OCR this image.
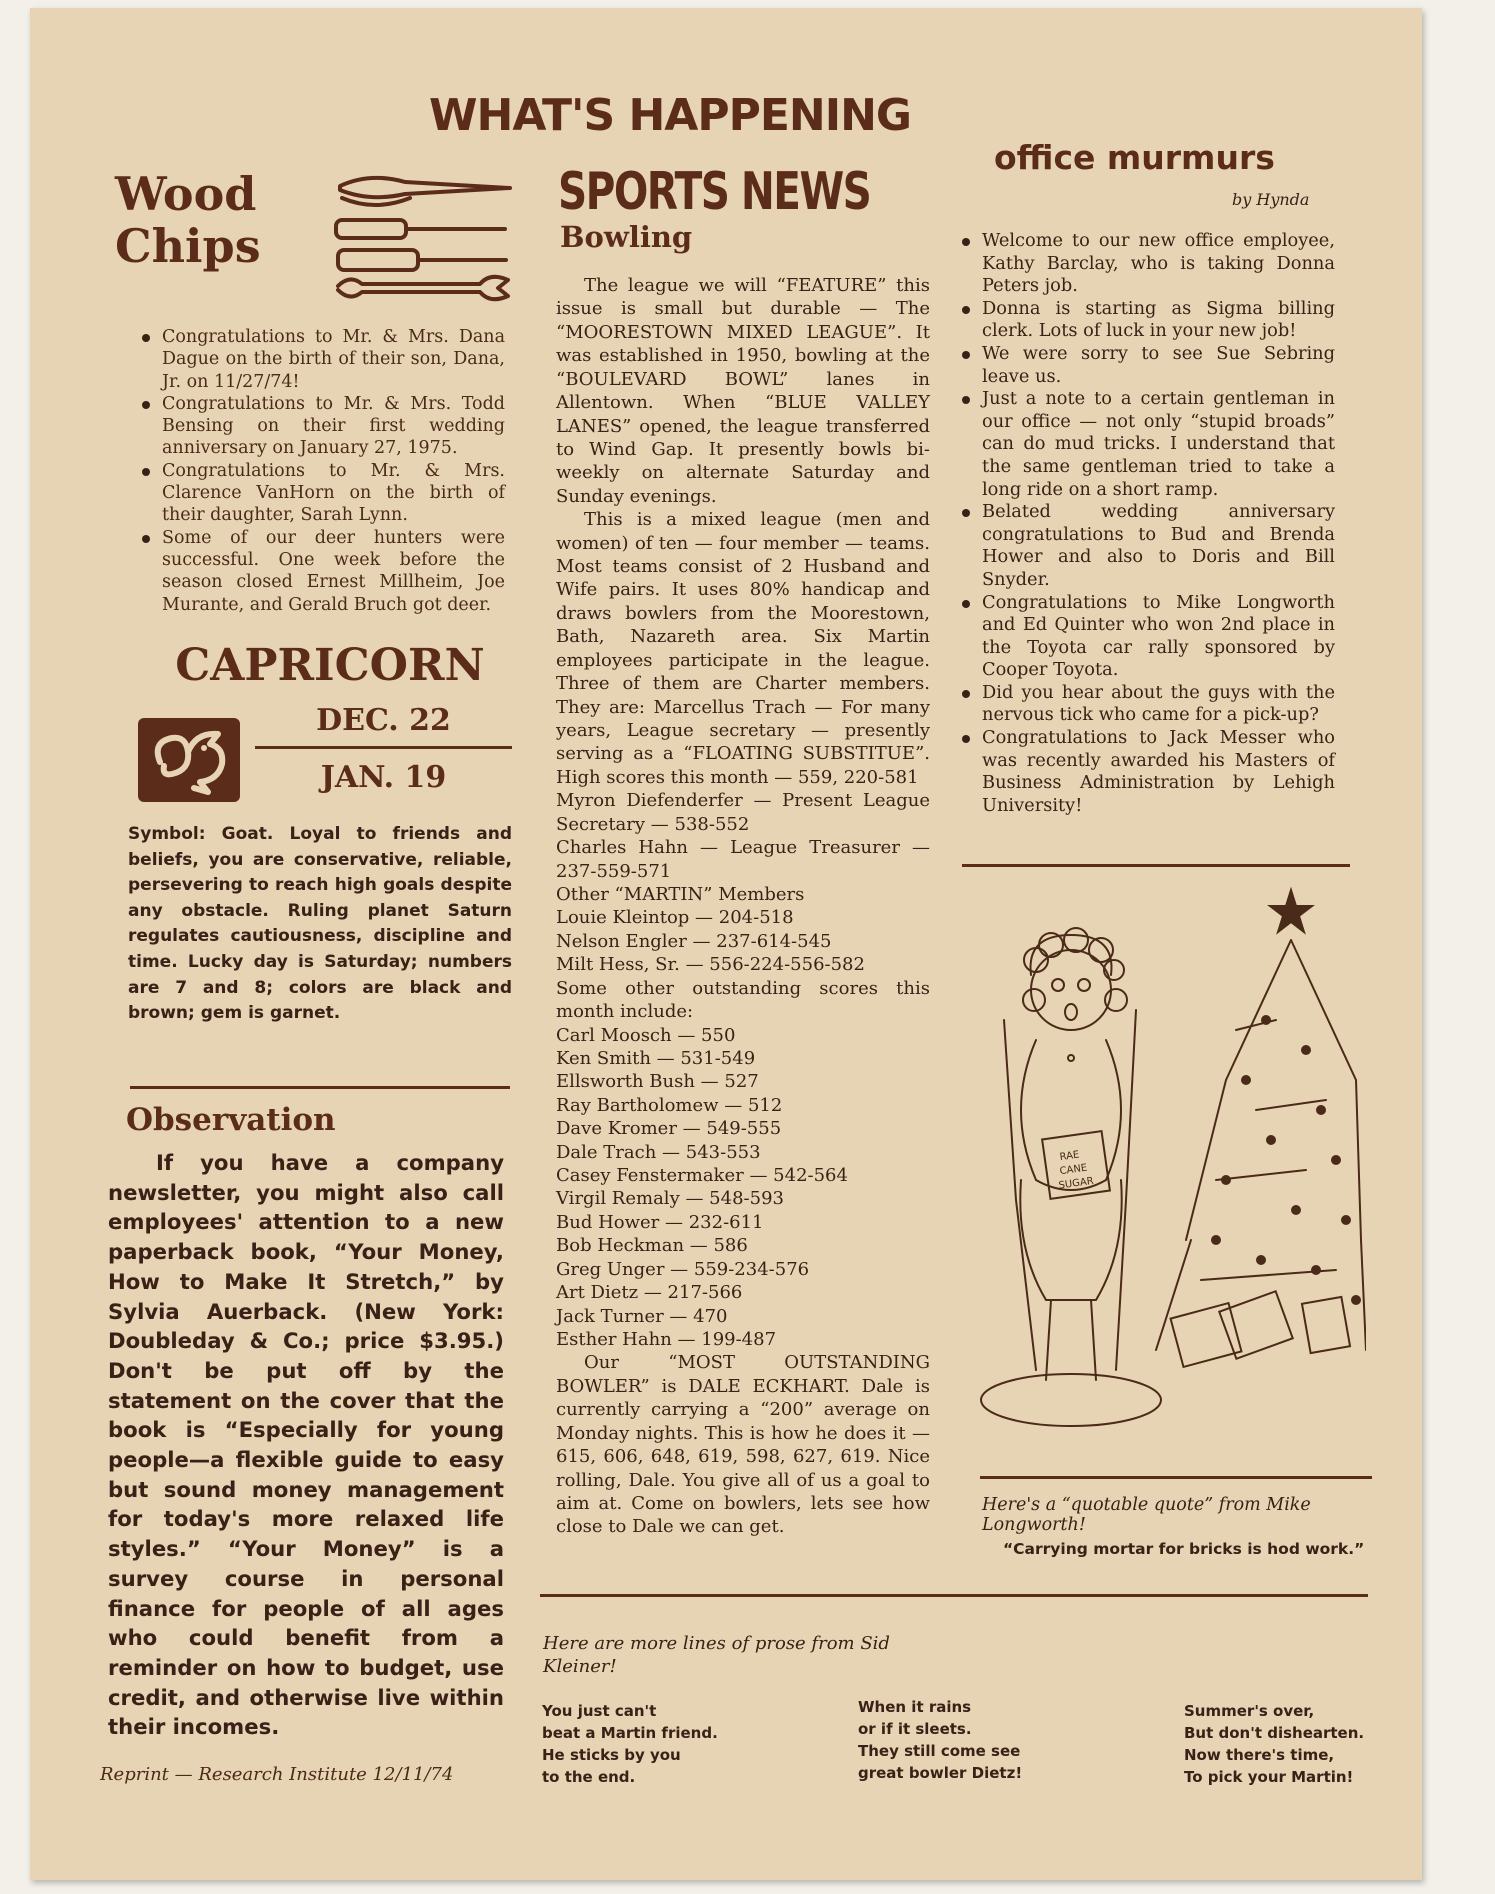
WHAT'S HAPPENING
Wood
Chips
Congratulations to Mr. & Mrs. Dana Dague on the birth of their son, Dana, Jr. on 11/27/74!
Congratulations to Mr. & Mrs. Todd Bensing on their first wedding anniversary on January 27, 1975.
Congratulations to Mr. & Mrs. Clarence VanHorn on the birth of their daughter, Sarah Lynn.
Some of our deer hunters were successful. One week before the season closed Ernest Millheim, Joe Murante, and Gerald Bruch got deer.
CAPRICORN
DEC. 22
JAN. 19
Symbol: Goat. Loyal to friends and beliefs, you are conservative, reliable, persevering to reach high goals despite any obstacle. Ruling planet Saturn regulates cautiousness, discipline and time. Lucky day is Saturday; numbers are 7 and 8; colors are black and brown; gem is garnet.
Observation
If you have a company newsletter, you might also call employees' attention to a new paperback book, “Your Money, How to Make It Stretch,” by Sylvia Auerback. (New York: Doubleday & Co.; price $3.95.) Don't be put off by the statement on the cover that the book is “Especially for young people—a flexible guide to easy but sound money management for today's more relaxed life styles.” “Your Money” is a survey course in personal finance for people of all ages who could benefit from a reminder on how to budget, use credit, and otherwise live within their incomes.
Reprint — Research Institute 12/11/74
SPORTS NEWS
Bowling

The league we will “FEATURE” this issue is small but durable — The “MOORESTOWN MIXED LEAGUE”. It was established in 1950, bowling at the “BOULEVARD BOWL” lanes in Allentown. When “BLUE VALLEY LANES” opened, the league transferred to Wind Gap. It presently bowls bi-weekly on alternate Saturday and Sunday evenings.

This is a mixed league (men and women) of ten — four member — teams. Most teams consist of 2 Husband and Wife pairs. It uses 80% handicap and draws bowlers from the Moorestown, Bath, Nazareth area. Six Martin employees participate in the league. Three of them are Charter members. They are: Marcellus Trach — For many years, League secretary — presently serving as a “FLOATING SUBSTITUE”. High scores this month — 559, 220-581

Myron Diefenderfer — Present League Secretary — 538-552

Charles Hahn — League Treasurer — 237-559-571

Other “MARTIN” Members

Louie Kleintop — 204-518
Nelson Engler — 237-614-545
Milt Hess, Sr. — 556-224-556-582

Some other outstanding scores this month include:

Carl Moosch — 550
Ken Smith — 531-549
Ellsworth Bush — 527
Ray Bartholomew — 512
Dave Kromer — 549-555
Dale Trach — 543-553
Casey Fenstermaker — 542-564
Virgil Remaly — 548-593
Bud Hower — 232-611
Bob Heckman — 586
Greg Unger — 559-234-576
Art Dietz — 217-566
Jack Turner — 470
Esther Hahn — 199-487

Our “MOST OUTSTANDING BOWLER” is DALE ECKHART. Dale is currently carrying a “200” average on Monday nights. This is how he does it — 615, 606, 648, 619, 598, 627, 619. Nice rolling, Dale. You give all of us a goal to aim at. Come on bowlers, lets see how close to Dale we can get.

office murmurs
by Hynda
Welcome to our new office employee, Kathy Barclay, who is taking Donna Peters job.
Donna is starting as Sigma billing clerk. Lots of luck in your new job!
We were sorry to see Sue Sebring leave us.
Just a note to a certain gentleman in our office — not only “stupid broads” can do mud tricks. I understand that the same gentleman tried to take a long ride on a short ramp.
Belated wedding anniversary congratulations to Bud and Brenda Hower and also to Doris and Bill Snyder.
Congratulations to Mike Longworth and Ed Quinter who won 2nd place in the Toyota car rally sponsored by Cooper Toyota.
Did you hear about the guys with the nervous tick who came for a pick-up?
Congratulations to Jack Messer who was recently awarded his Masters of Business Administration by Lehigh University!
RAE
CANE
SUGAR
Here's a “quotable quote” from Mike Longworth!
“Carrying mortar for bricks is hod work.”
Here are more lines of prose from Sid Kleiner!
You just can't
beat a Martin friend.
He sticks by you
to the end.
When it rains
or if it sleets.
They still come see
great bowler Dietz!
Summer's over,
But don't dishearten.
Now there's time,
To pick your Martin!
